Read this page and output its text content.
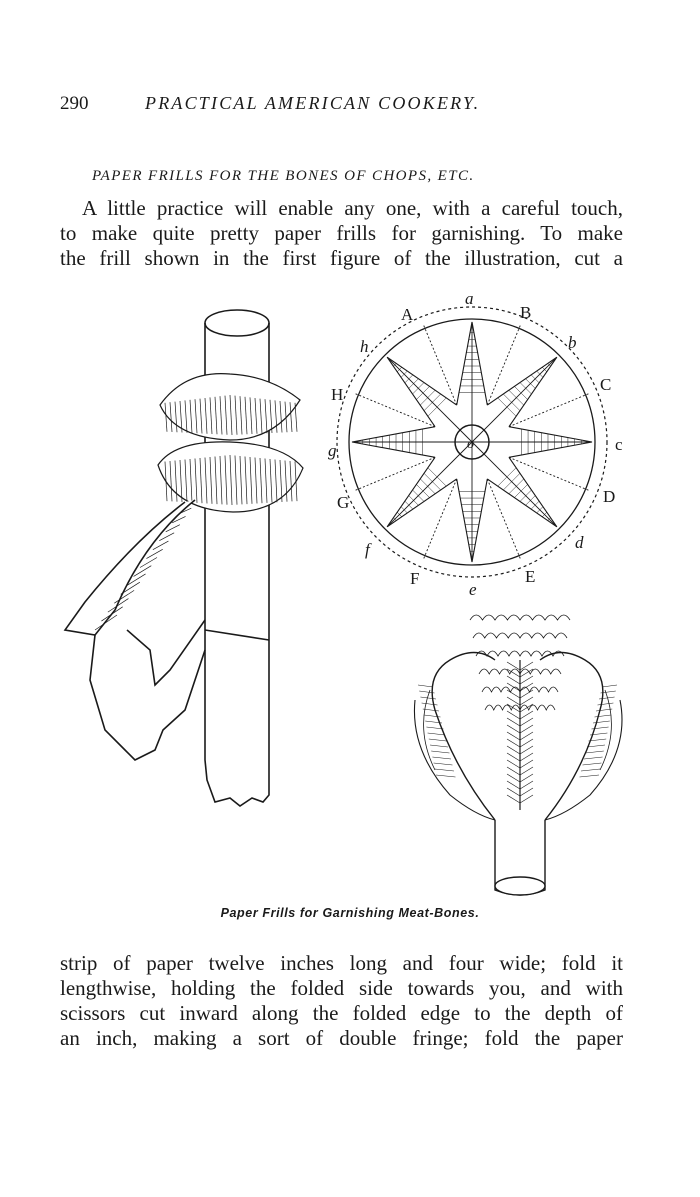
290	PRACTICAL AMERICAN COOKERY.
PAPER FRILLS FOR THE BONES OF CHOPS, ETC.
A little practice will enable any one, with a careful touch,
to make quite pretty paper frills for garnishing. To make
the frill shown in the first figure of the illustration, cut a
A
a
B
h	b
H
C
g	c
G	D
f	d
F	E
e
o
Paper Frills for Garnishing Meat-Bones.
strip of paper twelve inches long and four wide; fold it
lengthwise, holding the folded side towards you, and with
scissors cut inward along the folded edge to the depth of
an inch, making a sort of double fringe; fold the paper
